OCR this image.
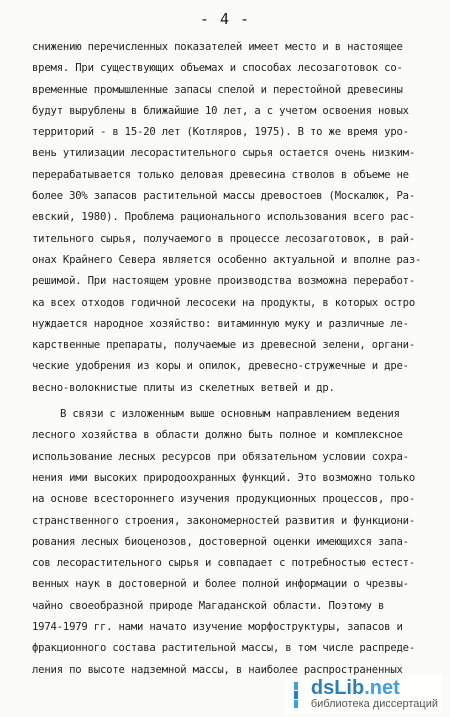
- 4 -
снижению перечисленных показателей имеет место и в настоящее
время. При существующих объемах и способах лесозаготовок со-
временные промышленные запасы спелой и перестойной древесины
будут вырублены в ближайшие 10 лет, а с учетом освоения новых
территорий - в 15-20 лет (Котляров, 1975). В то же время уро-
вень утилизации лесорастительного сырья остается очень низким-
перерабатывается только деловая древесина стволов в объеме не
более 30% запасов растительной массы древостоев (Москалюк, Ра-
евский, 1980). Проблема рационального использования всего рас-
тительного сырья, получаемого в процессе лесозаготовок, в рай-
онах Крайнего Севера является особенно актуальной и вполне раз-
решимой. При настоящем уровне производства возможна переработ-
ка всех отходов годичной лесосеки на продукты, в которых остро
нуждается народное хозяйство: витаминную муку и различные ле-
карственные препараты, получаемые из древесной зелени, органи-
ческие удобрения из коры и опилок, древесно-стружечные и дре-
весно-волокнистые плиты из скелетных ветвей и др.
В связи с изложенным выше основным направлением ведения
лесного хозяйства в области должно быть полное и комплексное
использование лесных ресурсов при обязательном условии сохра-
нения ими высоких природоохранных функций. Это возможно только
на основе всестороннего изучения продукционных процессов, про-
странственного строения, закономерностей развития и функциони-
рования лесных биоценозов, достоверной оценки имеющихся запа-
сов лесорастительного сырья и совпадает с потребностью естест-
венных наук в достоверной и более полной информации о чрезвы-
чайно своеобразной природе Магаданской области. Поэтому в
1974-1979 гг. нами начато изучение морфоструктуры, запасов и
фракционного состава растительной массы, в том числе распреде-
ления по высоте надземной массы, в наиболее распространенных
dsLib.net
библиотека диссертаций
